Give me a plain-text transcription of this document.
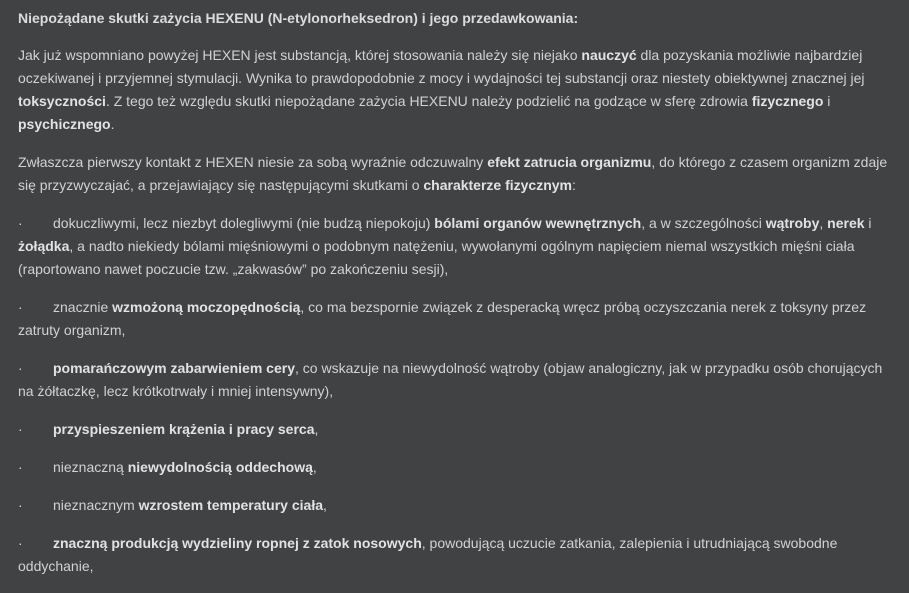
Niepożądane skutki zażycia HEXENU (N-etylonorheksedron) i jego przedawkowania:
Jak już wspomniano powyżej HEXEN jest substancją, której stosowania należy się niejako nauczyć dla pozyskania możliwie najbardziej oczekiwanej i przyjemnej stymulacji. Wynika to prawdopodobnie z mocy i wydajności tej substancji oraz niestety obiektywnej znacznej jej toksyczności. Z tego też względu skutki niepożądane zażycia HEXENU należy podzielić na godzące w sferę zdrowia fizycznego i psychicznego.
Zwłaszcza pierwszy kontakt z HEXEN niesie za sobą wyraźnie odczuwalny efekt zatrucia organizmu, do którego z czasem organizm zdaje się przyzwyczajać, a przejawiający się następującymi skutkami o charakterze fizycznym:
· dokuczliwymi, lecz niezbyt dolegliwymi (nie budzą niepokoju) bólami organów wewnętrznych, a w szczególności wątroby, nerek i żołądka, a nadto niekiedy bólami mięśniowymi o podobnym natężeniu, wywołanymi ogólnym napięciem niemal wszystkich mięśni ciała (raportowano nawet poczucie tzw. „zakwasów” po zakończeniu sesji),
· znacznie wzmożoną moczopędnością, co ma bezspornie związek z desperacką wręcz próbą oczyszczania nerek z toksyny przez zatruty organizm,
· pomarańczowym zabarwieniem cery, co wskazuje na niewydolność wątroby (objaw analogiczny, jak w przypadku osób chorujących na żółtaczkę, lecz krótkotrwały i mniej intensywny),
· przyspieszeniem krążenia i pracy serca,
· nieznaczną niewydolnością oddechową,
· nieznacznym wzrostem temperatury ciała,
· znaczną produkcją wydzieliny ropnej z zatok nosowych, powodującą uczucie zatkania, zalepienia i utrudniającą swobodne oddychanie,
